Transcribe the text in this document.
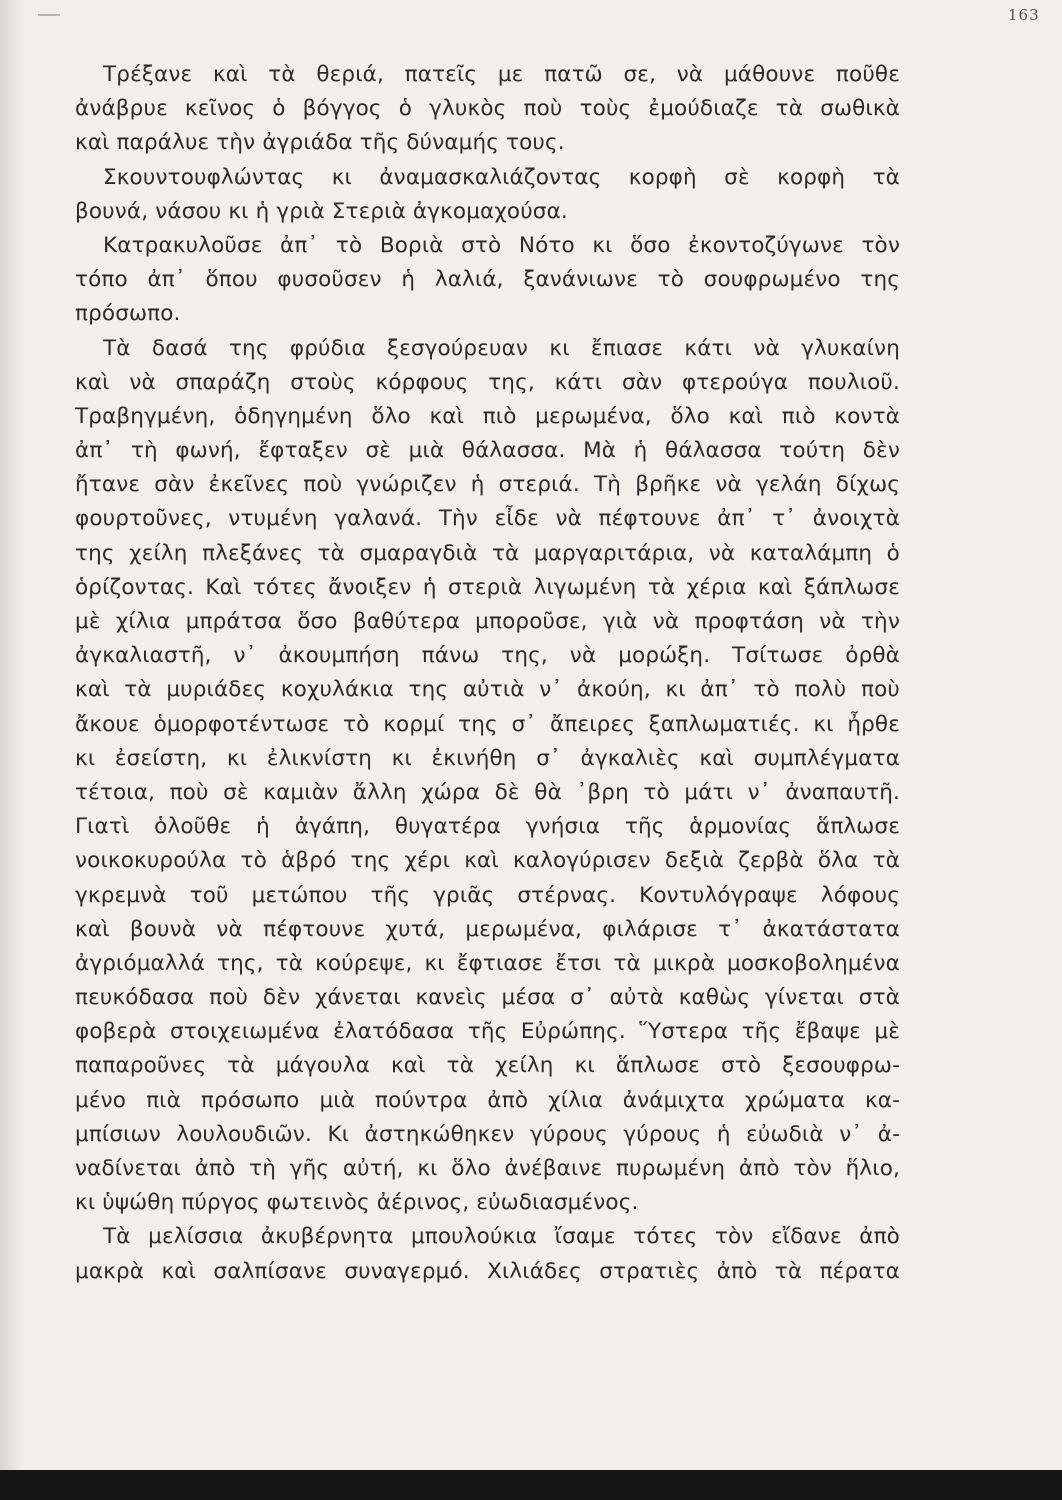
163
Τρέξανε καὶ τὰ θεριά, πατεῖς με πατῶ σε, νὰ μάθουνε ποῦθε
ἀνάβρυε κεῖνος ὁ βόγγος ὁ γλυκὸς ποὺ τοὺς ἐμούδιαζε τὰ σωθικὰ
καὶ παράλυε τὴν ἀγριάδα τῆς δύναμής τους.
Σκουντουφλώντας κι ἀναμασκαλιάζοντας κορφὴ σὲ κορφὴ τὰ
βουνά, νάσου κι ἡ γριὰ Στεριὰ ἀγκομαχούσα.
Κατρακυλοῦσε ἀπ᾿ τὸ Βοριὰ στὸ Νότο κι ὅσο ἐκοντοζύγωνε τὸν
τόπο ἀπ᾿ ὅπου φυσοῦσεν ἡ λαλιά, ξανάνιωνε τὸ σουφρωμένο της
πρόσωπο.
Τὰ δασά της φρύδια ξεσγούρευαν κι ἔπιασε κάτι νὰ γλυκαίνη
καὶ νὰ σπαράζη στοὺς κόρφους της, κάτι σὰν φτερούγα πουλιοῦ.
Τραβηγμένη, ὁδηγημένη ὅλο καὶ πιὸ μερωμένα, ὅλο καὶ πιὸ κοντὰ
ἀπ᾿ τὴ φωνή, ἔφταξεν σὲ μιὰ θάλασσα. Μὰ ἡ θάλασσα τούτη δὲν
ἤτανε σὰν ἐκεῖνες ποὺ γνώριζεν ἡ στεριά. Τὴ βρῆκε νὰ γελάη δίχως
φουρτοῦνες, ντυμένη γαλανά. Τὴν εἶδε νὰ πέφτουνε ἀπ᾿ τ᾿ ἀνοιχτὰ
της χείλη πλεξάνες τὰ σμαραγδιὰ τὰ μαργαριτάρια, νὰ καταλάμπη ὁ
ὁρίζοντας. Καὶ τότες ἄνοιξεν ἡ στεριὰ λιγωμένη τὰ χέρια καὶ ξάπλωσε
μὲ χίλια μπράτσα ὅσο βαθύτερα μποροῦσε, γιὰ νὰ προφτάση νὰ τὴν
ἀγκαλιαστῆ, ν᾿ ἀκουμπήση πάνω της, νὰ μορώξη. Τσίτωσε ὀρθὰ
καὶ τὰ μυριάδες κοχυλάκια της αὐτιὰ ν᾿ ἀκούη, κι ἀπ᾿ τὸ πολὺ ποὺ
ἄκουε ὁμορφοτέντωσε τὸ κορμί της σ᾿ ἄπειρες ξαπλωματιές. κι ἦρθε
κι ἐσείστη, κι ἐλικνίστη κι ἐκινήθη σ᾿ ἀγκαλιὲς καὶ συμπλέγματα
τέτοια, ποὺ σὲ καμιὰν ἄλλη χώρα δὲ θὰ ᾿βρη τὸ μάτι ν᾿ ἀναπαυτῆ.
Γιατὶ ὁλοῦθε ἡ ἀγάπη, θυγατέρα γνήσια τῆς ἁρμονίας ἅπλωσε
νοικοκυρούλα τὸ ἁβρό της χέρι καὶ καλογύρισεν δεξιὰ ζερβὰ ὅλα τὰ
γκρεμνὰ τοῦ μετώπου τῆς γριᾶς στέρνας. Κοντυλόγραψε λόφους
καὶ βουνὰ νὰ πέφτουνε χυτά, μερωμένα, φιλάρισε τ᾿ ἀκατάστατα
ἀγριόμαλλά της, τὰ κούρεψε, κι ἔφτιασε ἔτσι τὰ μικρὰ μοσκοβολημένα
πευκόδασα ποὺ δὲν χάνεται κανεὶς μέσα σ᾿ αὐτὰ καθὼς γίνεται στὰ
φοβερὰ στοιχειωμένα ἐλατόδασα τῆς Εὐρώπης. Ὕστερα τῆς ἔβαψε μὲ
παπαροῦνες τὰ μάγουλα καὶ τὰ χείλη κι ἅπλωσε στὸ ξεσουφρω-
μένο πιὰ πρόσωπο μιὰ πούντρα ἀπὸ χίλια ἀνάμιχτα χρώματα κα-
μπίσιων λουλουδιῶν. Κι ἀστηκώθηκεν γύρους γύρους ἡ εὐωδιὰ ν᾿ ἀ-
ναδίνεται ἀπὸ τὴ γῆς αὐτή, κι ὅλο ἀνέβαινε πυρωμένη ἀπὸ τὸν ἥλιο,
κι ὑψώθη πύργος φωτεινὸς ἀέρινος, εὐωδιασμένος.
Τὰ μελίσσια ἀκυβέρνητα μπουλούκια ἴσαμε τότες τὸν εἴδανε ἀπὸ
μακρὰ καὶ σαλπίσανε συναγερμό. Χιλιάδες στρατιὲς ἀπὸ τὰ πέρατα
